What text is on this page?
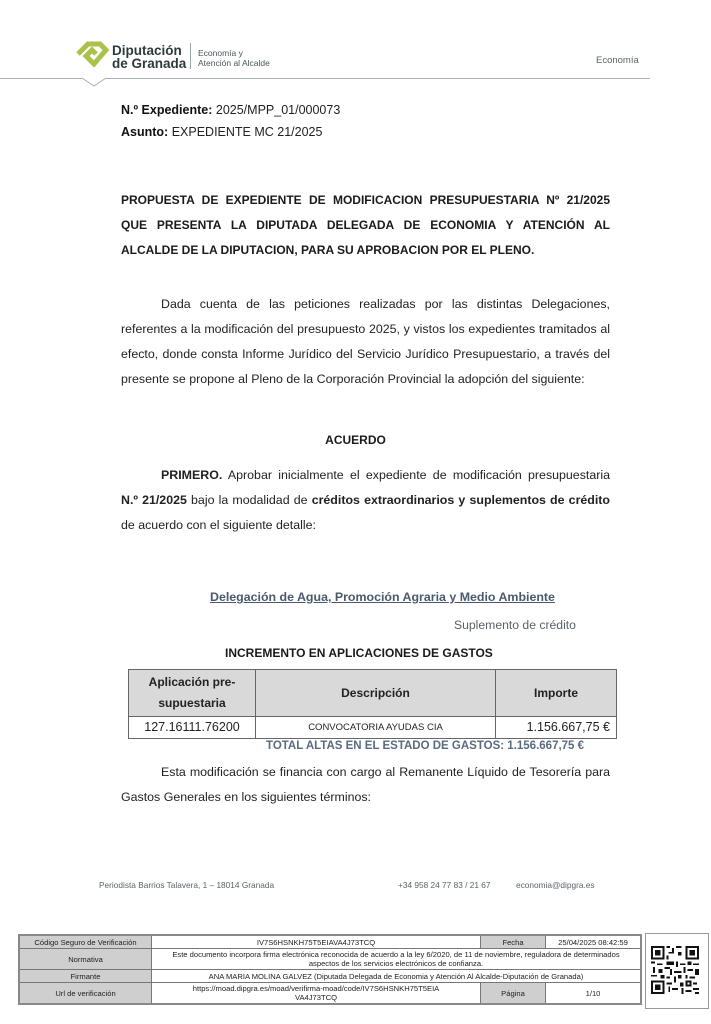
Diputación
de Granada
Economía y
Atención al Alcalde	Economía
N.º Expediente: 2025/MPP_01/000073
Asunto: EXPEDIENTE MC 21/2025
PROPUESTA DE EXPEDIENTE DE MODIFICACION PRESUPUESTARIA Nº 21/2025
QUE PRESENTA LA DIPUTADA DELEGADA DE ECONOMIA Y ATENCIÓN AL
ALCALDE DE LA DIPUTACION, PARA SU APROBACION POR EL PLENO.
Dada cuenta de las peticiones realizadas por las distintas Delegaciones, referentes a la modificación del presupuesto 2025, y vistos los expedientes tramitados al efecto, donde consta Informe Jurídico del Servicio Jurídico Presupuestario, a través del presente se propone al Pleno de la Corporación Provincial la adopción del siguiente:
ACUERDO
PRIMERO. Aprobar inicialmente el expediente de modificación presupuestaria N.º 21/2025 bajo la modalidad de créditos extraordinarios y suplementos de crédito de acuerdo con el siguiente detalle:
Delegación de Agua, Promoción Agraria y Medio Ambiente
Suplemento de crédito
INCREMENTO EN APLICACIONES DE GASTOS
Aplicación pre-supuestaria	Descripción	Importe
127.16111.76200	CONVOCATORIA AYUDAS CIA	1.156.667,75 €
TOTAL ALTAS EN EL ESTADO DE GASTOS: 1.156.667,75 €
Esta modificación se financia con cargo al Remanente Líquido de Tesorería para Gastos Generales en los siguientes términos:
Periodista Barrios Talavera, 1 – 18014 Granada	+34 958 24 77 83 / 21 67	economia@dipgra.es
Código Seguro de Verificación	IV7S6HSNKH75T5EIAVA4J73TCQ	Fecha	25/04/2025 08:42:59
Normativa	Este documento incorpora firma electrónica reconocida de acuerdo a la ley 6/2020, de 11 de noviembre, reguladora de determinados aspectos de los servicios electrónicos de confianza.		
Firmante	ANA MARIA MOLINA GALVEZ (Diputada Delegada de Economia y Atención Al Alcalde-Diputación de Granada)		
Url de verificación	https://moad.dipgra.es/moad/verifirma-moad/code/IV7S6HSNKH75T5EIAVA4J73TCQ	Página	1/10
